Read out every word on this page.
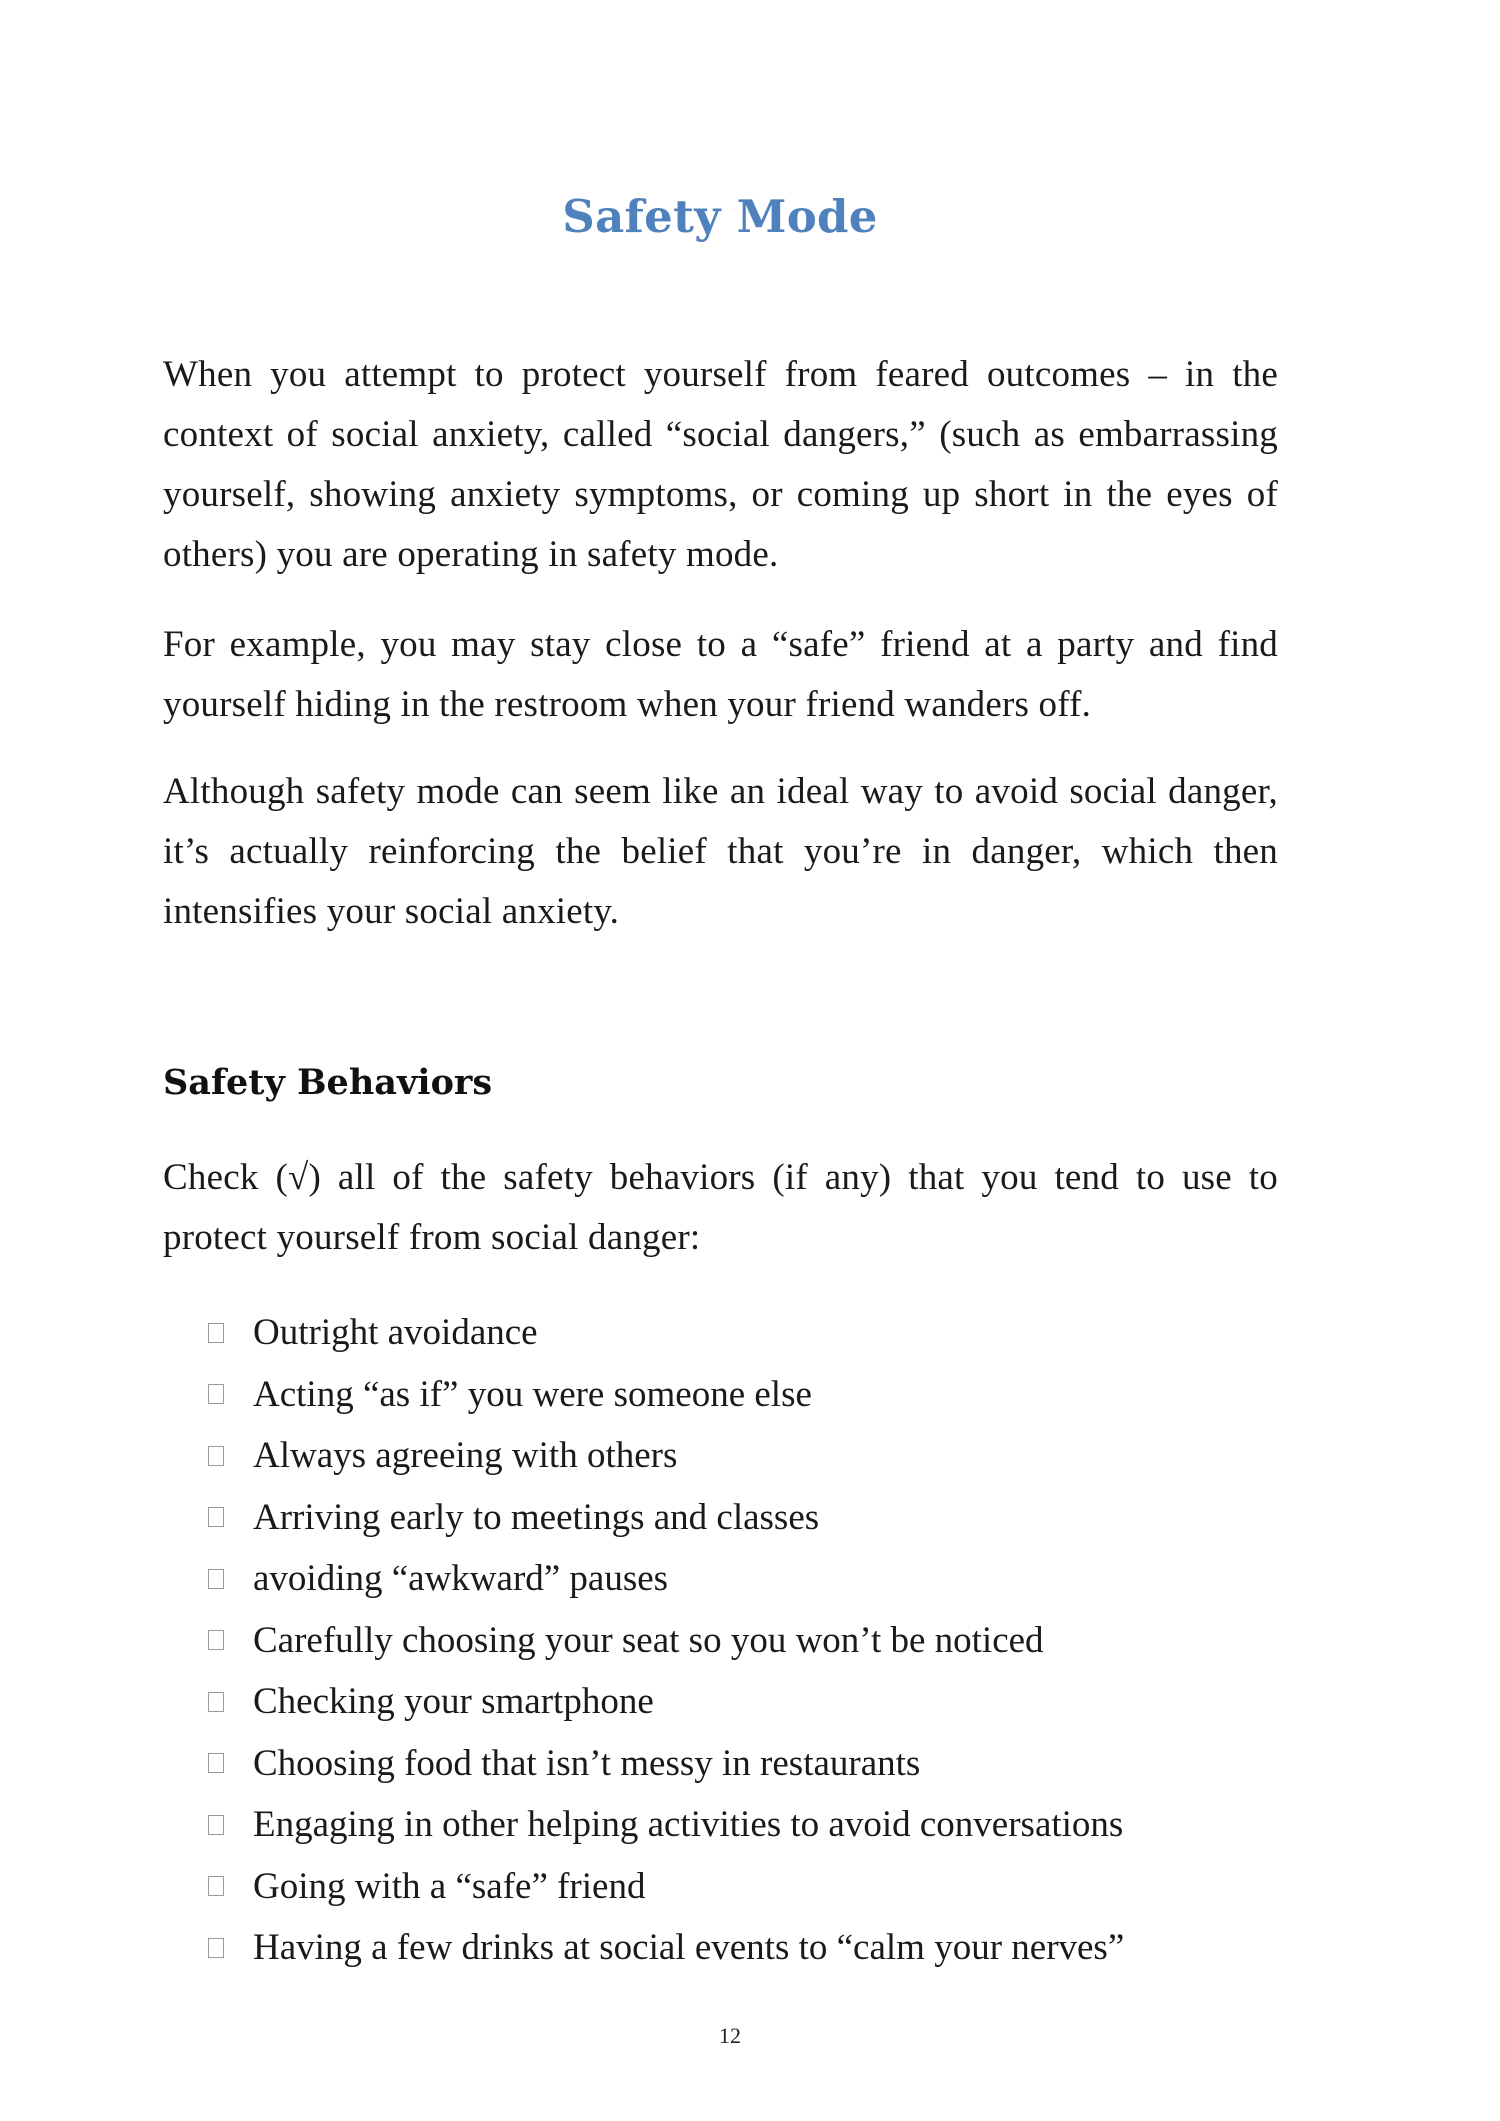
Safety Mode

When you attempt to protect yourself from feared outcomes – in the context of social anxiety, called “social dangers,” (such as embarrassing yourself, showing anxiety symptoms, or coming up short in the eyes of others) you are operating in safety mode.

For example, you may stay close to a “safe” friend at a party and find yourself hiding in the restroom when your friend wanders off.

Although safety mode can seem like an ideal way to avoid social danger, it’s actually reinforcing the belief that you’re in danger, which then intensifies your social anxiety.

Safety Behaviors

Check (√) all of the safety behaviors (if any) that you tend to use to protect yourself from social danger:

Outright avoidance
Acting “as if” you were someone else
Always agreeing with others
Arriving early to meetings and classes
avoiding “awkward” pauses
Carefully choosing your seat so you won’t be noticed
Checking your smartphone
Choosing food that isn’t messy in restaurants
Engaging in other helping activities to avoid conversations
Going with a “safe” friend
Having a few drinks at social events to “calm your nerves”
12
